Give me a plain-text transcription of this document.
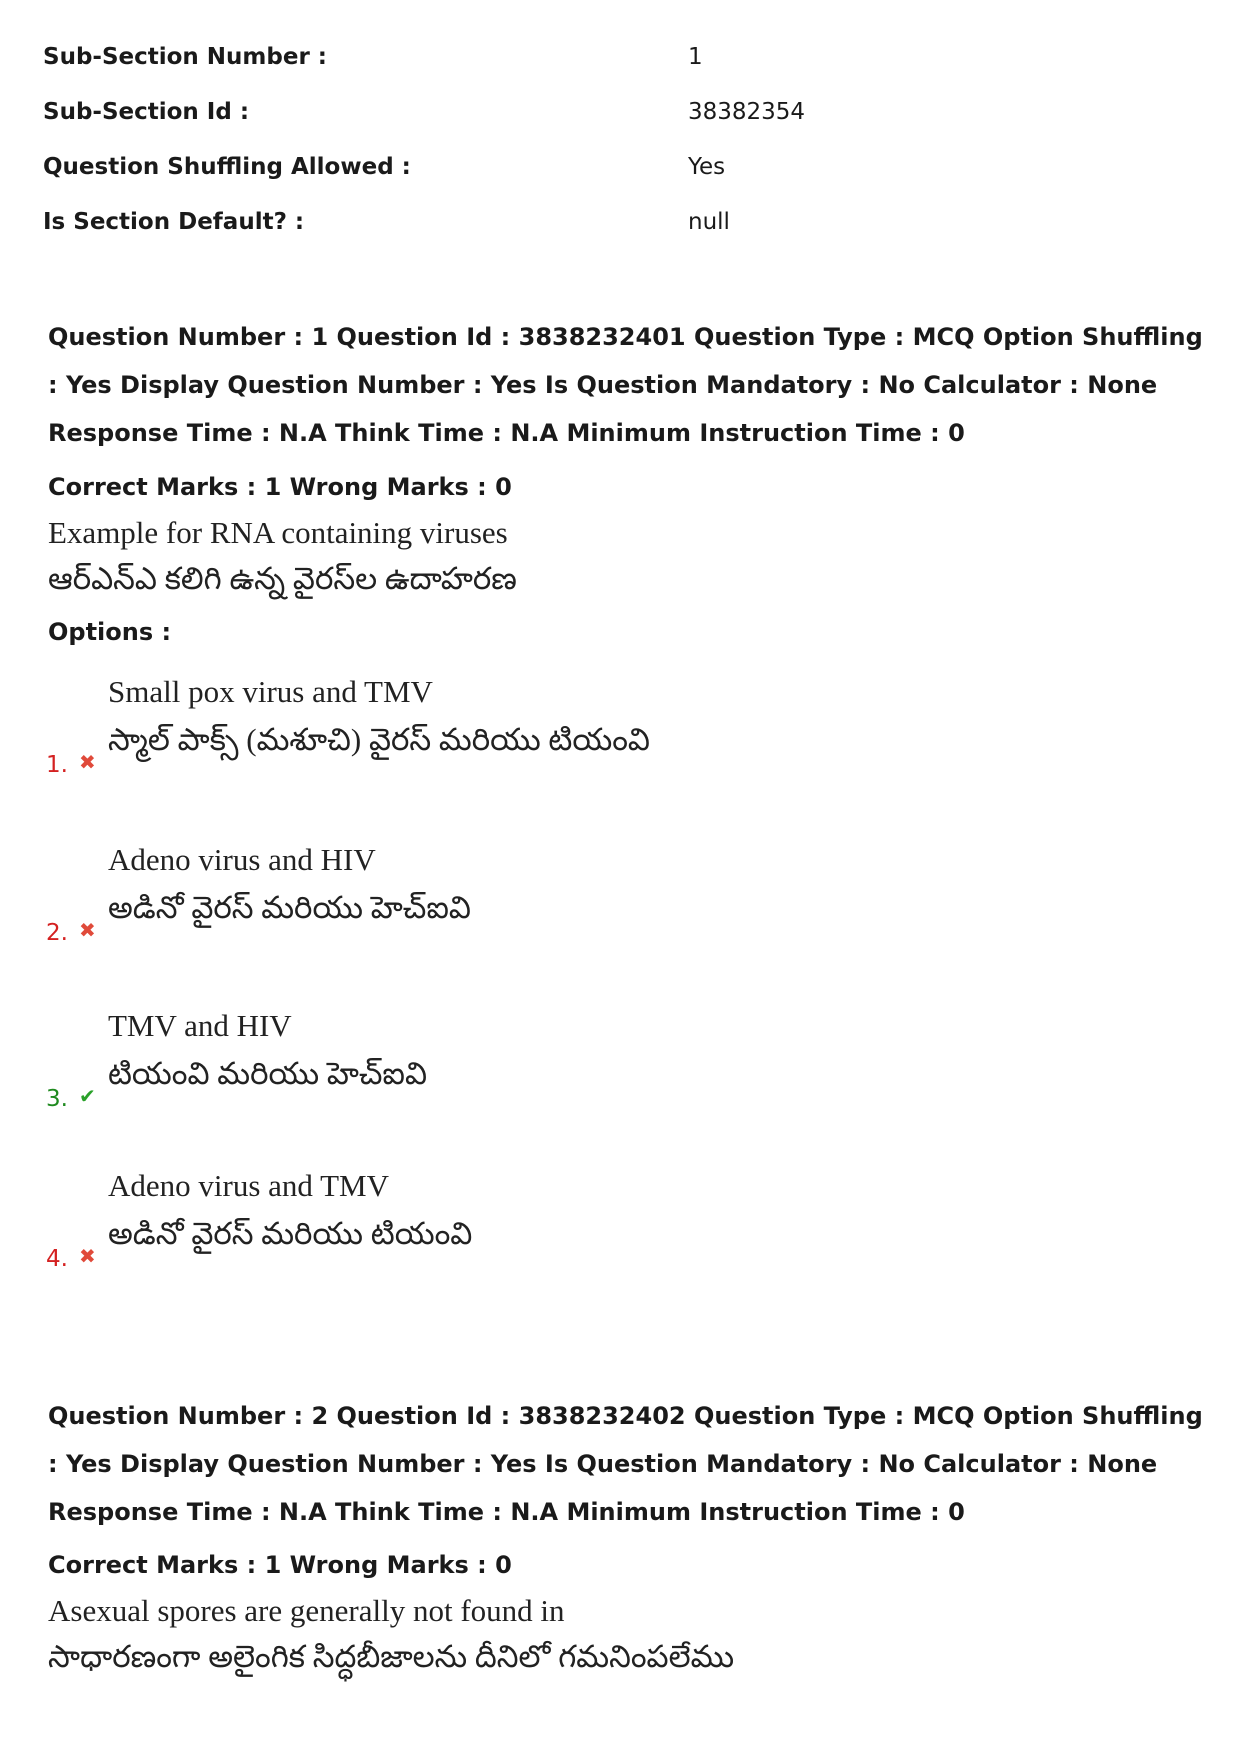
Sub-Section Number :	1
Sub-Section Id :	38382354
Question Shuffling Allowed :	Yes
Is Section Default? :	null
Question Number : 1 Question Id : 3838232401 Question Type : MCQ Option Shuffling : Yes Display Question Number : Yes Is Question Mandatory : No Calculator : None Response Time : N.A Think Time : N.A Minimum Instruction Time : 0
Correct Marks : 1 Wrong Marks : 0
Example for RNA containing viruses
ఆర్ఎన్ఎ కలిగి ఉన్న వైరస్‌ల ఉదాహరణ
Options :
Small pox virus and TMV
స్మాల్ పాక్స్ (మశూచి) వైరస్ మరియు టియంవి
1. ✖
Adeno virus and HIV
అడినో వైరస్ మరియు హెచ్ఐవి
2. ✖
TMV and HIV
టియంవి మరియు హెచ్ఐవి
3. ✔
Adeno virus and TMV
అడినో వైరస్ మరియు టియంవి
4. ✖
Question Number : 2 Question Id : 3838232402 Question Type : MCQ Option Shuffling : Yes Display Question Number : Yes Is Question Mandatory : No Calculator : None Response Time : N.A Think Time : N.A Minimum Instruction Time : 0
Correct Marks : 1 Wrong Marks : 0
Asexual spores are generally not found in
సాధారణంగా అలైంగిక సిద్ధబీజాలను దీనిలో గమనింపలేము
